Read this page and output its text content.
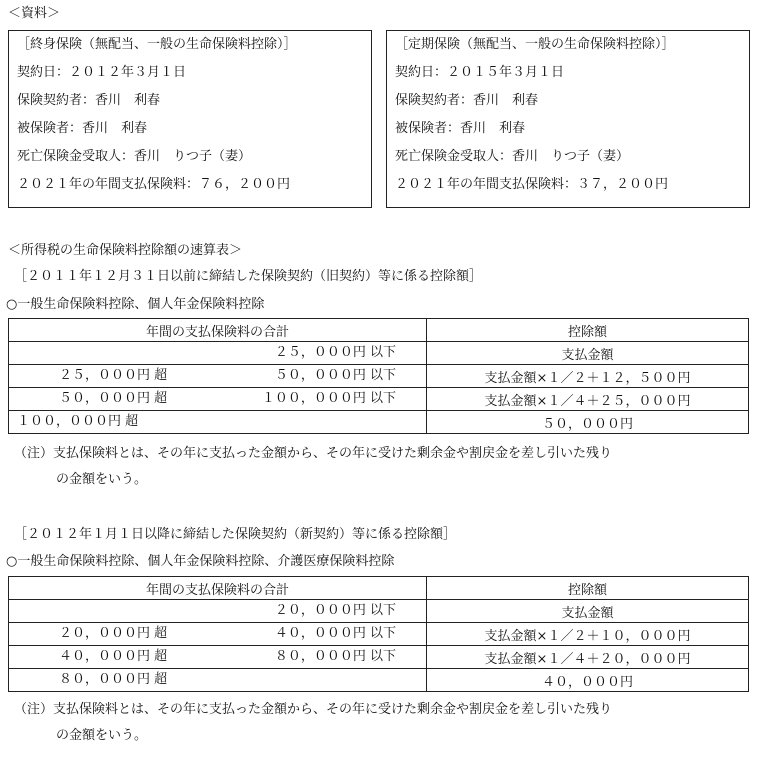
＜資料＞
［終身保険（無配当、一般の生命保険料控除）］
契約日：２０１２年３月１日
保険契約者：香川　利春
被保険者：香川　利春
死亡保険金受取人：香川　りつ子（妻）
２０２１年の年間支払保険料：７６，２００円
［定期保険（無配当、一般の生命保険料控除）］
契約日：２０１５年３月１日
保険契約者：香川　利春
被保険者：香川　利春
死亡保険金受取人：香川　りつ子（妻）
２０２１年の年間支払保険料：３７，２００円
＜所得税の生命保険料控除額の速算表＞
［２０１１年１２月３１日以前に締結した保険契約（旧契約）等に係る控除額］
○一般生命保険料控除、個人年金保険料控除
年間の支払保険料の合計	控除額

２５，０００円 以下	支払金額

２５，０００円 超 ５０，０００円 以下	支払金額×１／２＋１２，５００円

５０，０００円 超 １００，０００円 以下	支払金額×１／４＋２５，０００円

１００，０００円 超	５０，０００円
（注）支払保険料とは、その年に支払った金額から、その年に受けた剰余金や割戻金を差し引いた残り
の金額をいう。
［２０１２年１月１日以降に締結した保険契約（新契約）等に係る控除額］
○一般生命保険料控除、個人年金保険料控除、介護医療保険料控除
年間の支払保険料の合計	控除額

２０，０００円 以下	支払金額

２０，０００円 超 ４０，０００円 以下	支払金額×１／２＋１０，０００円

４０，０００円 超 ８０，０００円 以下	支払金額×１／４＋２０，０００円

８０，０００円 超	４０，０００円
（注）支払保険料とは、その年に支払った金額から、その年に受けた剰余金や割戻金を差し引いた残り
の金額をいう。
